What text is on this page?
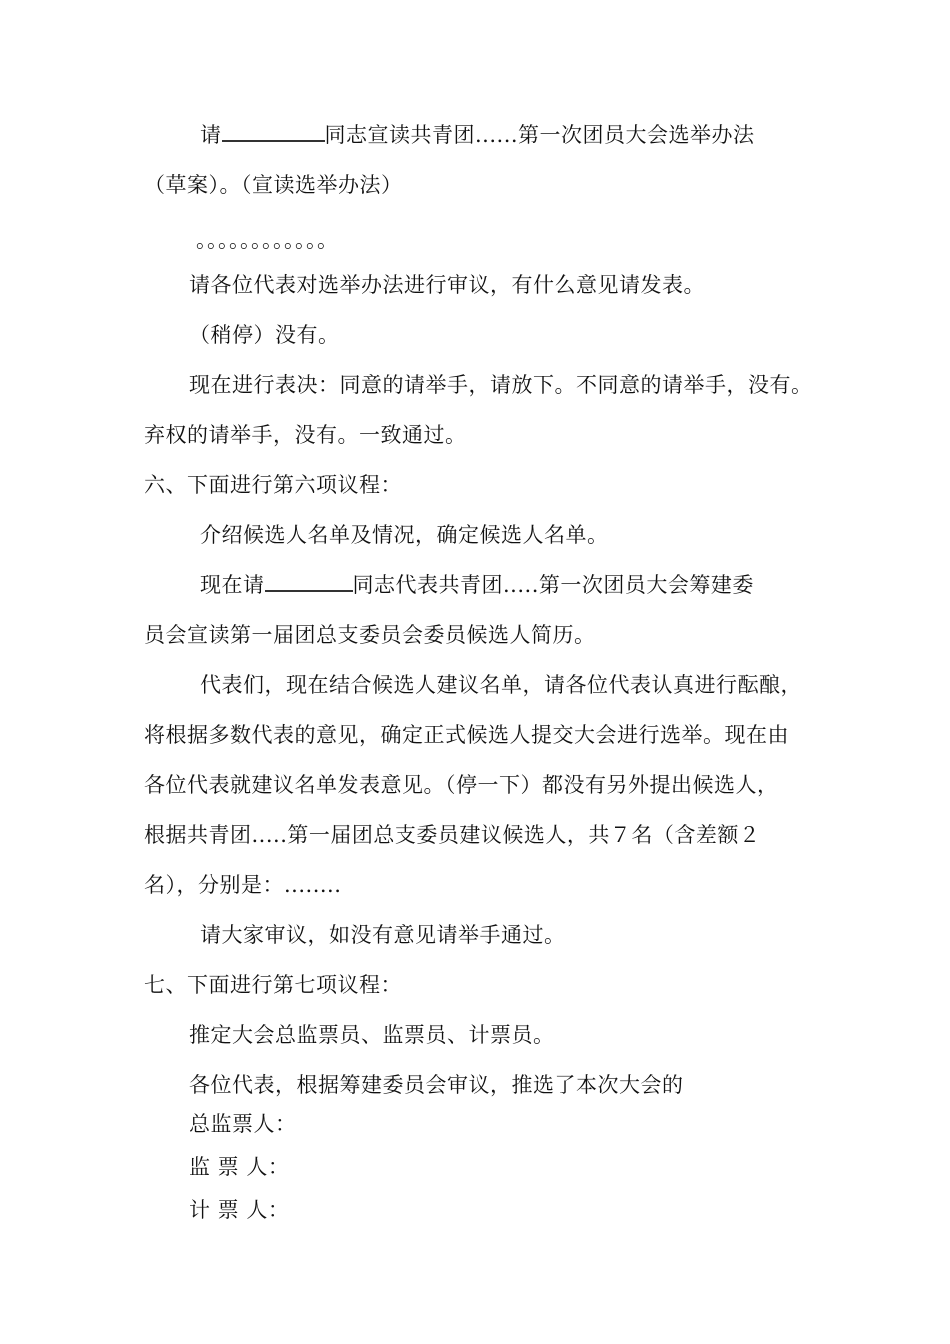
请	同志宣读共青团......第一次团员大会选举办法
（草案）。（宣读选举办法）
。。。。。。。。。。。。
请各位代表对选举办法进行审议，有什么意见请发表。
（稍停）没有。
现在进行表决：同意的请举手，请放下。不同意的请举手，没有。
弃权的请举手，没有。一致通过。
六、下面进行第六项议程：
介绍候选人名单及情况，确定候选人名单。
现在请	同志代表共青团.....第一次团员大会筹建委
员会宣读第一届团总支委员会委员候选人简历。
代表们，现在结合候选人建议名单，请各位代表认真进行酝酿，
将根据多数代表的意见，确定正式候选人提交大会进行选举。现在由
各位代表就建议名单发表意见。（停一下）都没有另外提出候选人，
根据共青团.....第一届团总支委员建议候选人，共７名（含差额２
名），分别是：........
请大家审议，如没有意见请举手通过。
七、下面进行第七项议程：
推定大会总监票员、监票员、计票员。
各位代表，根据筹建委员会审议，推选了本次大会的
总监票人：
监 票 人：
计 票 人：
